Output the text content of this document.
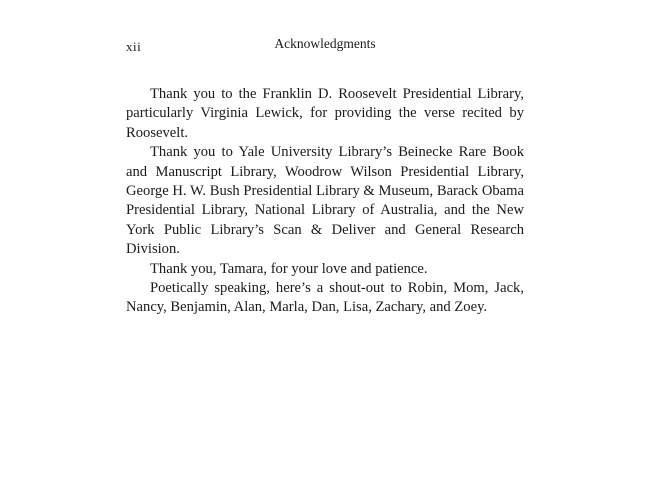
xii	Acknowledgments

Thank you to the Franklin D. Roosevelt Presidential Library, particularly Virginia Lewick, for providing the verse recited by Roosevelt.

Thank you to Yale University Library’s Beinecke Rare Book and Manuscript Library, Woodrow Wilson Presidential Library, George H. W. Bush Presidential Library & Museum, Barack Obama Presidential Library, National Library of Australia, and the New York Public Library’s Scan & Deliver and General Research Division.

Thank you, Tamara, for your love and patience.

Poetically speaking, here’s a shout-out to Robin, Mom, Jack, Nancy, Benjamin, Alan, Marla, Dan, Lisa, Zachary, and Zoey.
